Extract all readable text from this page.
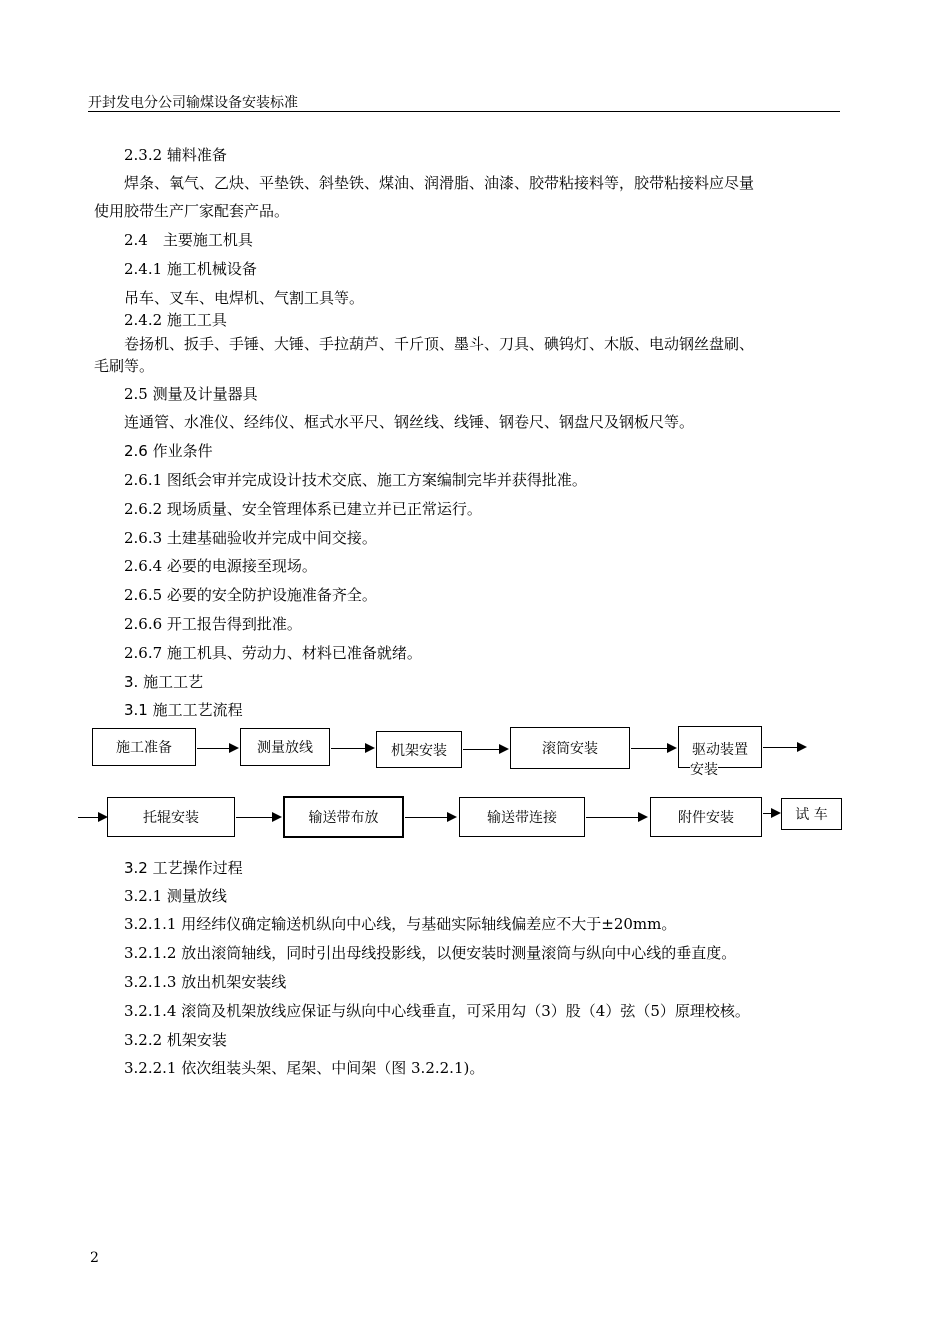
开封发电分公司输煤设备安装标准
2.3.2 辅料准备
焊条、氧气、乙炔、平垫铁、斜垫铁、煤油、润滑脂、油漆、胶带粘接料等，胶带粘接料应尽量
使用胶带生产厂家配套产品。
2.4　主要施工机具
2.4.1 施工机械设备
吊车、叉车、电焊机、气割工具等。
2.4.2 施工工具
卷扬机、扳手、手锤、大锤、手拉葫芦、千斤顶、墨斗、刀具、碘钨灯、木版、电动钢丝盘刷、
毛刷等。
2.5 测量及计量器具
连通管、水准仪、经纬仪、框式水平尺、钢丝线、线锤、钢卷尺、钢盘尺及钢板尺等。
2.6 作业条件
2.6.1 图纸会审并完成设计技术交底、施工方案编制完毕并获得批准。
2.6.2 现场质量、安全管理体系已建立并已正常运行。
2.6.3 土建基础验收并完成中间交接。
2.6.4 必要的电源接至现场。
2.6.5 必要的安全防护设施准备齐全。
2.6.6 开工报告得到批准。
2.6.7 施工机具、劳动力、材料已准备就绪。
3. 施工工艺
3.1 施工工艺流程
施工准备	测量放线	机架安装	滚筒安装	驱动装置
安装
托辊安装	输送带布放	输送带连接	附件安装	试 车
3.2 工艺操作过程
3.2.1 测量放线
3.2.1.1 用经纬仪确定输送机纵向中心线，与基础实际轴线偏差应不大于±20mm。
3.2.1.2 放出滚筒轴线，同时引出母线投影线，以便安装时测量滚筒与纵向中心线的垂直度。
3.2.1.3 放出机架安装线
3.2.1.4 滚筒及机架放线应保证与纵向中心线垂直，可采用勾（3）股（4）弦（5）原理校核。
3.2.2 机架安装
3.2.2.1 依次组装头架、尾架、中间架（图 3.2.2.1)。
2
